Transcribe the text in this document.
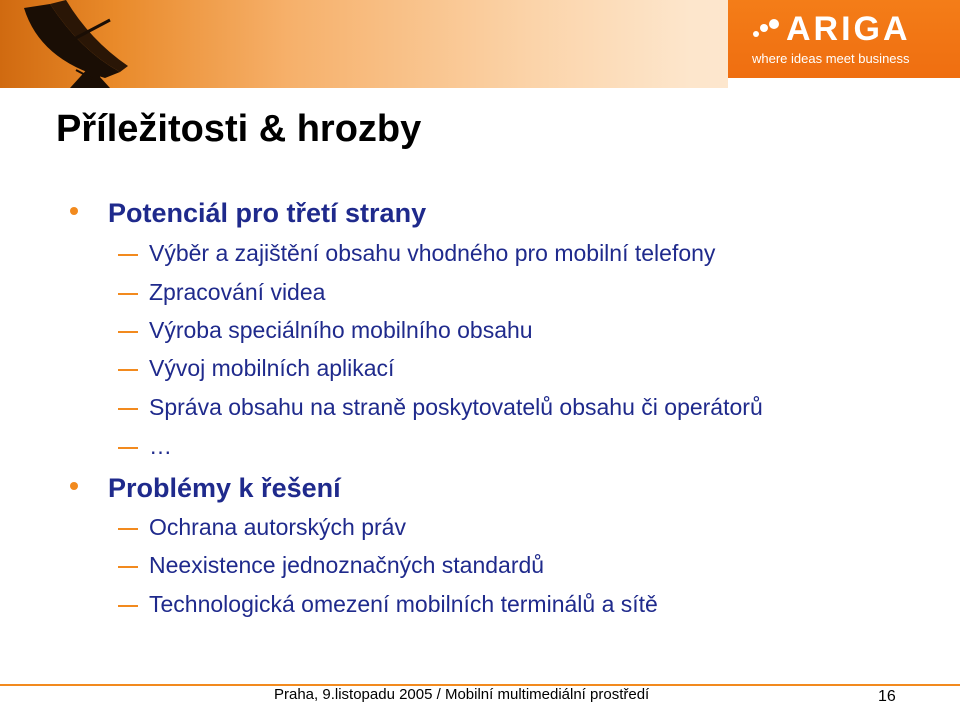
ARIGA
where ideas meet business
Příležitosti & hrozby
Potenciál pro třetí strany
Výběr a zajištění obsahu vhodného pro mobilní telefony
Zpracování videa
Výroba speciálního mobilního obsahu
Vývoj mobilních aplikací
Správa obsahu na straně poskytovatelů obsahu či operátorů
…
Problémy k řešení
Ochrana autorských práv
Neexistence jednoznačných standardů
Technologická omezení mobilních terminálů a sítě
Praha, 9.listopadu 2005 / Mobilní multimediální prostředí	16
